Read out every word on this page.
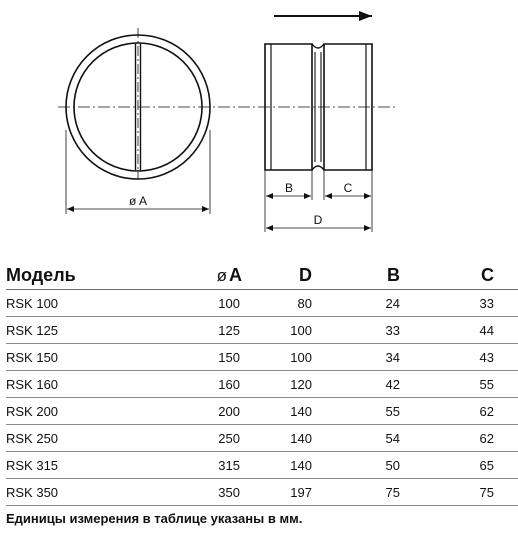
ø A
B	C
D
Модель	ø A	D	B	C
RSK 100	100	80	24	33
RSK 125	125	100	33	44
RSK 150	150	100	34	43
RSK 160	160	120	42	55
RSK 200	200	140	55	62
RSK 250	250	140	54	62
RSK 315	315	140	50	65
RSK 350	350	197	75	75
Единицы измерения в таблице указаны в мм.
